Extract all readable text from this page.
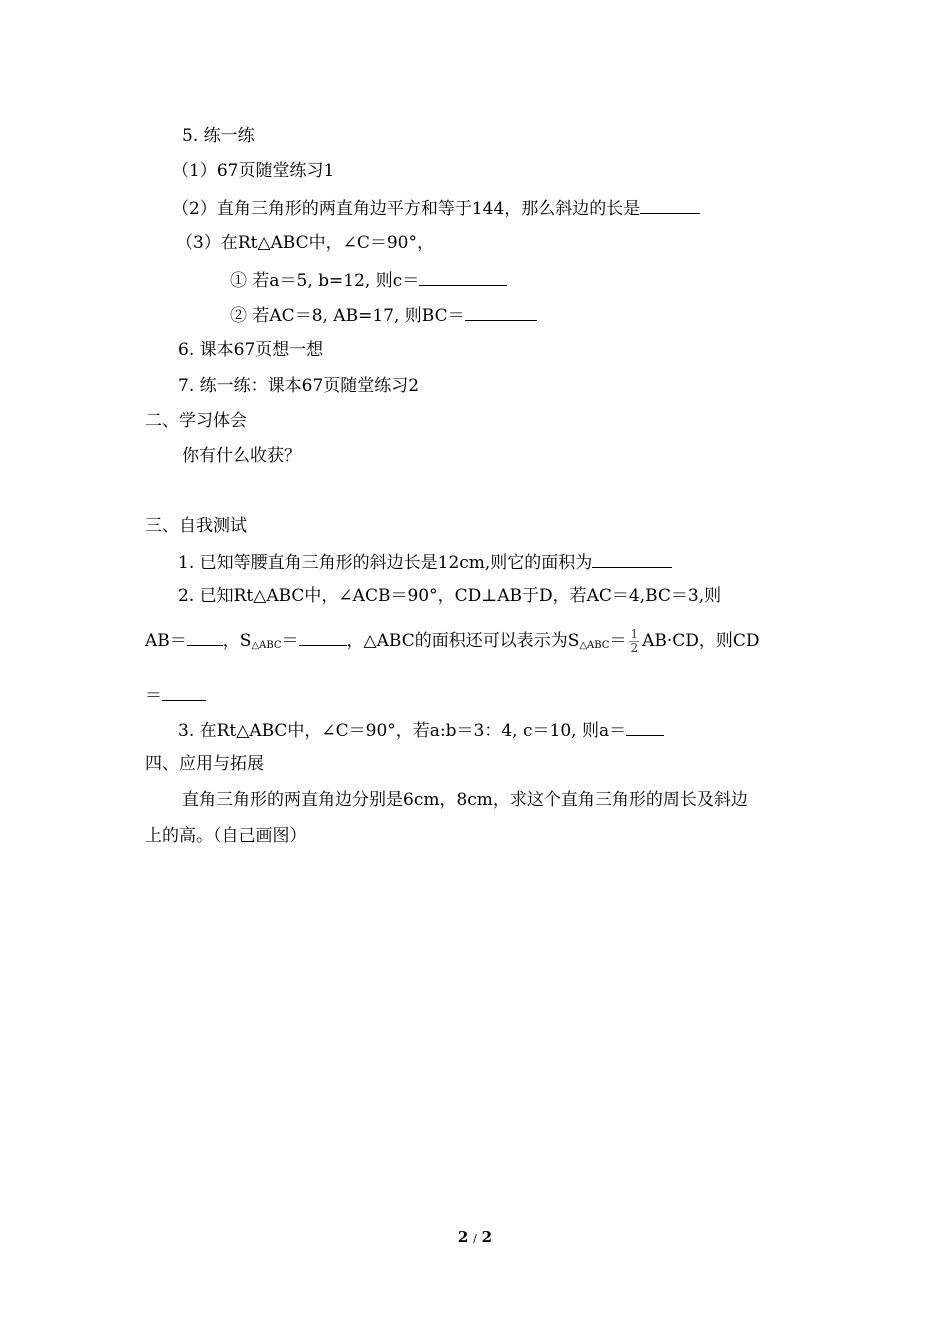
5. 练一练
（1）67页随堂练习1
（2）直角三角形的两直角边平方和等于144，那么斜边的长是
（3）在Rt△ABC中，∠C＝90°，
① 若a＝5, b=12, 则c＝
② 若AC＝8, AB=17, 则BC＝
6. 课本67页想一想
7. 练一练：课本67页随堂练习2
二、学习体会
你有什么收获？
三、自我测试
1. 已知等腰直角三角形的斜边长是12cm,则它的面积为
2. 已知Rt△ABC中，∠ACB＝90°，CD⊥AB于D，若AC＝4,BC＝3,则
AB＝ ，$S_{\triangle ABC}=$	，△ABC的面积还可以表示为$S_{\triangle ABC}= \frac{1}{2} AB\cdot CD$，则CD
＝
3. 在Rt△ABC中，∠C＝90°，若a:b＝3：4, c＝10, 则a＝
四、应用与拓展
直角三角形的两直角边分别是6cm，8cm，求这个直角三角形的周长及斜边
上的高。（自己画图）
2 / 2
